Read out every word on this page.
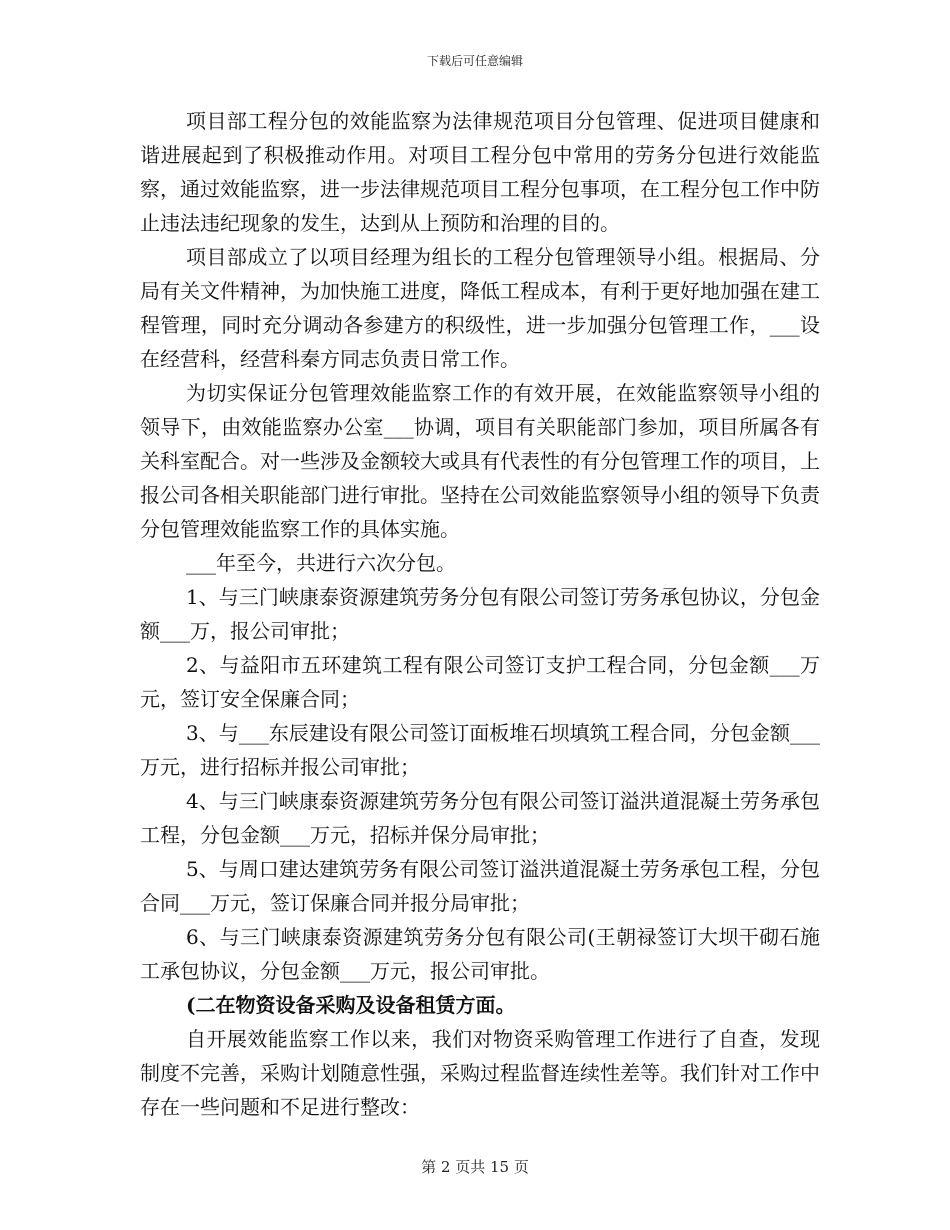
下载后可任意编辑

项目部工程分包的效能监察为法律规范项目分包管理、促进项目健康和谐进展起到了积极推动作用。对项目工程分包中常用的劳务分包进行效能监察，通过效能监察，进一步法律规范项目工程分包事项，在工程分包工作中防止违法违纪现象的发生，达到从上预防和治理的目的。

项目部成立了以项目经理为组长的工程分包管理领导小组。根据局、分局有关文件精神，为加快施工进度，降低工程成本，有利于更好地加强在建工程管理，同时充分调动各参建方的积级性，进一步加强分包管理工作，___设在经营科，经营科秦方同志负责日常工作。

为切实保证分包管理效能监察工作的有效开展，在效能监察领导小组的领导下，由效能监察办公室___协调，项目有关职能部门参加，项目所属各有关科室配合。对一些涉及金额较大或具有代表性的有分包管理工作的项目，上报公司各相关职能部门进行审批。坚持在公司效能监察领导小组的领导下负责分包管理效能监察工作的具体实施。

___年至今，共进行六次分包。

1、与三门峡康泰资源建筑劳务分包有限公司签订劳务承包协议，分包金额___万，报公司审批；

2、与益阳市五环建筑工程有限公司签订支护工程合同，分包金额___万元，签订安全保廉合同；

3、与___东辰建设有限公司签订面板堆石坝填筑工程合同，分包金额___万元，进行招标并报公司审批；

4、与三门峡康泰资源建筑劳务分包有限公司签订溢洪道混凝土劳务承包工程，分包金额___万元，招标并保分局审批；

5、与周口建达建筑劳务有限公司签订溢洪道混凝土劳务承包工程，分包合同___万元，签订保廉合同并报分局审批；

6、与三门峡康泰资源建筑劳务分包有限公司(王朝禄签订大坝干砌石施工承包协议，分包金额___万元，报公司审批。

(二在物资设备采购及设备租赁方面。

自开展效能监察工作以来，我们对物资采购管理工作进行了自查，发现制度不完善，采购计划随意性强，采购过程监督连续性差等。我们针对工作中存在一些问题和不足进行整改：

第 2 页共 15 页
